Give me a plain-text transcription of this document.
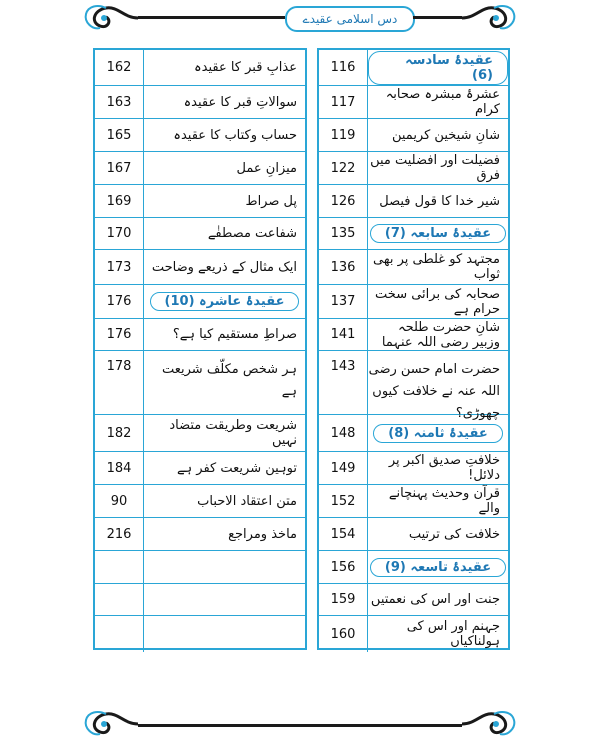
دس اسلامی عقیدے
162	عذابِ قبر کا عقیدہ
163	سوالاتِ قبر کا عقیدہ
165	حساب وکتاب کا عقیدہ
167	میزانِ عمل
169	پل صراط
170	شفاعت مصطفٰے
173	ایک مثال کے ذریعے وضاحت
176	عقیدۂ عاشرہ (10)
176	صراطِ مستقیم کیا ہے؟
178	ہر شخص مکلّف شریعت ہے
182	شریعت وطریقت متضاد نہیں
184	توہین شریعت کفر ہے
90	متن اعتقاد الاحباب
216	ماخذ ومراجع
116	عقیدۂ سادسہ (6)
117	عشرۂ مبشرہ صحابہ کرام
119	شانِ شیخین کریمین
122	فضیلت اور افضلیت میں فرق
126	شیر خدا کا قول فیصل
135	عقیدۂ سابعہ (7)
136	مجتہد کو غلطی پر بھی ثواب
137	صحابہ کی برائی سخت حرام ہے
141	شانِ حضرت طلحہ وزبیر رضی اللہ عنہما
143	حضرت امام حسن رضی اللہ عنہ نے خلافت کیوں چھوڑی؟
148	عقیدۂ ثامنہ (8)
149	خلافتِ صدیق اکبر پر دلائل!
152	قرآن وحدیث پہنچانے والے
154	خلافت کی ترتیب
156	عقیدۂ تاسعہ (9)
159	جنت اور اس کی نعمتیں
160	جہنم اور اس کی ہولناکیاں
